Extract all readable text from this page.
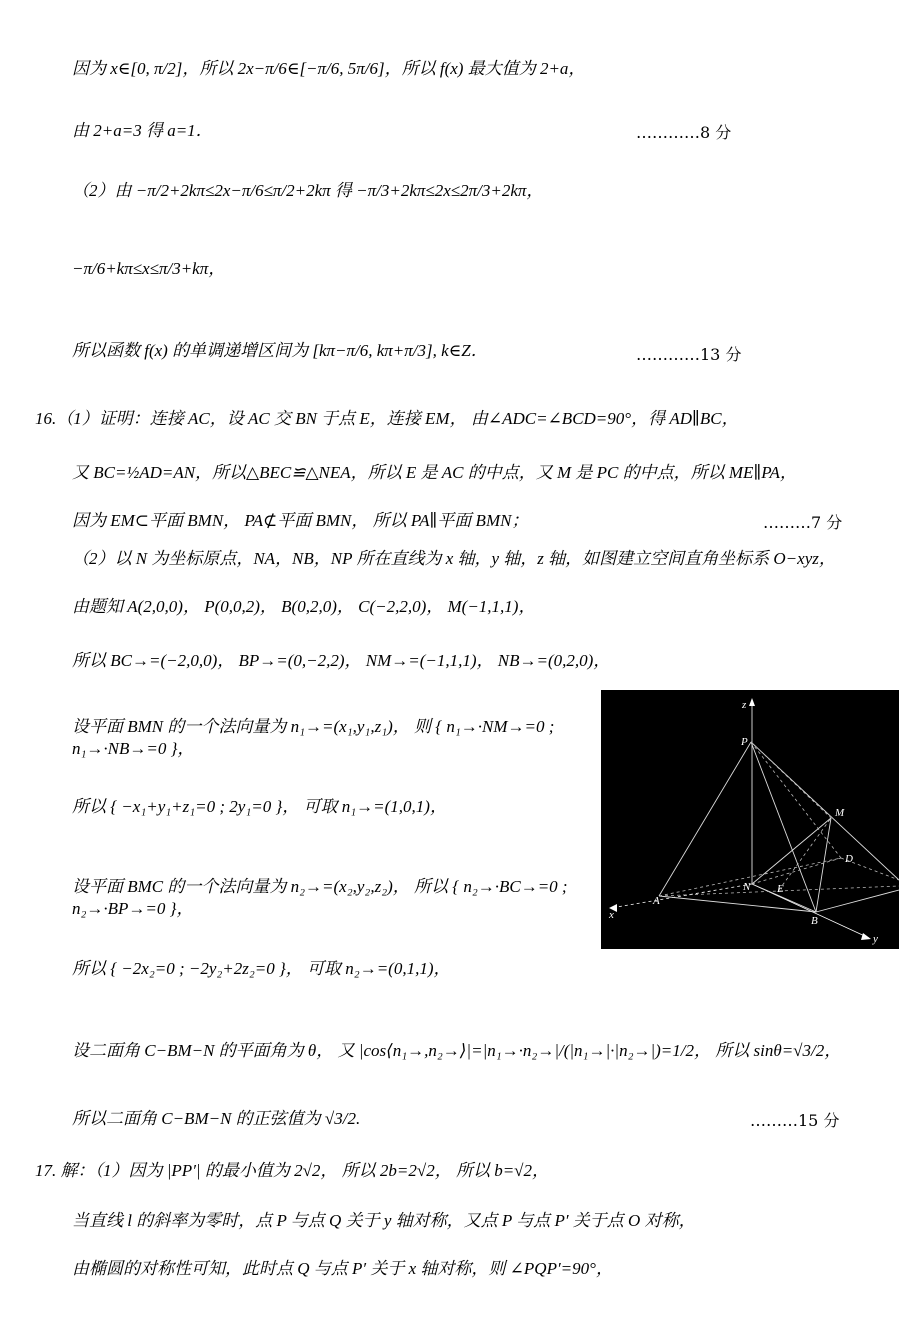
因为 x∈[0, π/2]，所以 2x−π/6∈[−π/6, 5π/6]，所以 f(x) 最大值为 2+a，
由 2+a=3 得 a=1．
（2）由 −π/2+2kπ≤2x−π/6≤π/2+2kπ 得 −π/3+2kπ≤2x≤2π/3+2kπ，
−π/6+kπ≤x≤π/3+kπ，
所以函数 f(x) 的单调递增区间为 [kπ−π/6, kπ+π/3], k∈Z．
16.（1）证明：连接 AC，设 AC 交 BN 于点 E，连接 EM， 由∠ADC=∠BCD=90°，得 AD∥BC，
又 BC=½AD=AN，所以△BEC≌△NEA，所以 E 是 AC 的中点，又 M 是 PC 的中点，所以 ME∥PA，
因为 EM⊂平面 BMN， PA⊄平面 BMN， 所以 PA∥平面 BMN；
（2）以 N 为坐标原点，NA，NB，NP 所在直线为 x 轴，y 轴，z 轴，如图建立空间直角坐标系 O−xyz，
由题知 A(2,0,0)， P(0,0,2)， B(0,2,0)， C(−2,2,0)， M(−1,1,1)，
所以 BC→=(−2,0,0)， BP→=(0,−2,2)， NM→=(−1,1,1)， NB→=(0,2,0)，
设平面 BMN 的一个法向量为 n₁→=(x₁,y₁,z₁)， 则 { n₁→·NM→=0 ; n₁→·NB→=0 }，
所以 { −x₁+y₁+z₁=0 ; 2y₁=0 }， 可取 n₁→=(1,0,1)，
设平面 BMC 的一个法向量为 n₂→=(x₂,y₂,z₂)， 所以 { n₂→·BC→=0 ; n₂→·BP→=0 }，
所以 { −2x₂=0 ; −2y₂+2z₂=0 }， 可取 n₂→=(0,1,1)，
设二面角 C−BM−N 的平面角为 θ， 又 |cos⟨n₁→,n₂→⟩|=|n₁→·n₂→|/(|n₁→|·|n₂→|)=1/2， 所以 sinθ=√3/2，
所以二面角 C−BM−N 的正弦值为 √3/2.
17. 解：（1）因为 |PP′| 的最小值为 2√2， 所以 2b=2√2， 所以 b=√2，
当直线 l 的斜率为零时，点 P 与点 Q 关于 y 轴对称，又点 P 与点 P′ 关于点 O 对称，
由椭圆的对称性可知，此时点 Q 与点 P′ 关于 x 轴对称，则 ∠PQP′=90°，
…………8 分
…………13 分
………7 分
………15 分
z
P
M
D
N E
A
x	B
y
